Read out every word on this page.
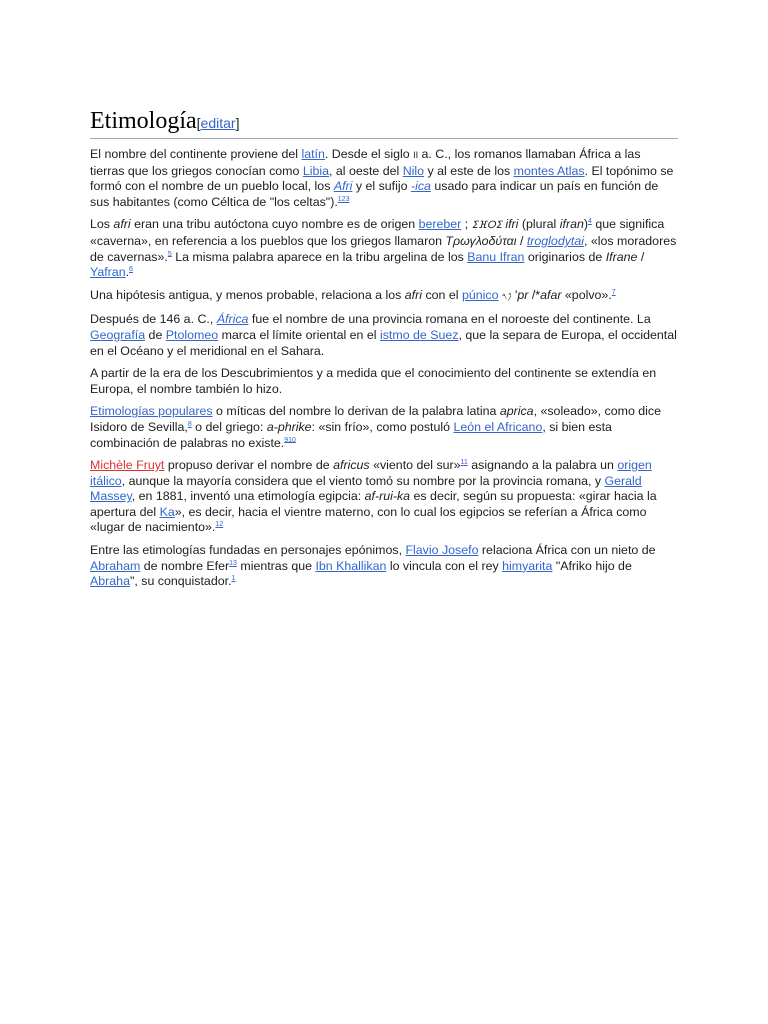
Etimología[editar]

El nombre del continente proviene del latín. Desde el siglo II a. C., los romanos llamaban África a las tierras que los griegos conocían como Libia, al oeste del Nilo y al este de los montes Atlas. El topónimo se formó con el nombre de un pueblo local, los Afri y el sufijo -ica usado para indicar un país en función de sus habitantes (como Céltica de "los celtas").$^{123}$

Los afri eran una tribu autóctona cuyo nombre es de origen bereber ; ⵉⴼⵔⵉ ifri (plural ifran)$^4$ que significa «caverna», en referencia a los pueblos que los griegos llamaron Τρωγλοδύται / troglodytai, «los moradores de cavernas».$^5$ La misma palabra aparece en la tribu argelina de los Banu Ifran originarios de Ifrane / Yafran.$^6$

Una hipótesis antigua, y menos probable, relaciona a los afri con el púnico 𐤐𐤓 'pr /*afar «polvo».$^7$

Después de 146 a. C., África fue el nombre de una provincia romana en el noroeste del continente. La Geografía de Ptolomeo marca el límite oriental en el istmo de Suez, que la separa de Europa, el occidental en el Océano y el meridional en el Sahara.

A partir de la era de los Descubrimientos y a medida que el conocimiento del continente se extendía en Europa, el nombre también lo hizo.

Etimologías populares o míticas del nombre lo derivan de la palabra latina aprica, «soleado», como dice Isidoro de Sevilla,$^8$ o del griego: a-phrike: «sin frío», como postuló León el Africano, si bien esta combinación de palabras no existe.$^{910}$

Michèle Fruyt propuso derivar el nombre de africus «viento del sur»$^{11}$ asignando a la palabra un origen itálico, aunque la mayoría considera que el viento tomó su nombre por la provincia romana, y Gerald Massey, en 1881, inventó una etimología egipcia: af-rui-ka es decir, según su propuesta: «girar hacia la apertura del Ka», es decir, hacia el vientre materno, con lo cual los egipcios se referían a África como «lugar de nacimiento».$^{12}$

Entre las etimologías fundadas en personajes epónimos, Flavio Josefo relaciona África con un nieto de Abraham de nombre Efer$^{13}$ mientras que Ibn Khallikan lo vincula con el rey himyarita "Afriko hijo de Abraha", su conquistador.$^1$
